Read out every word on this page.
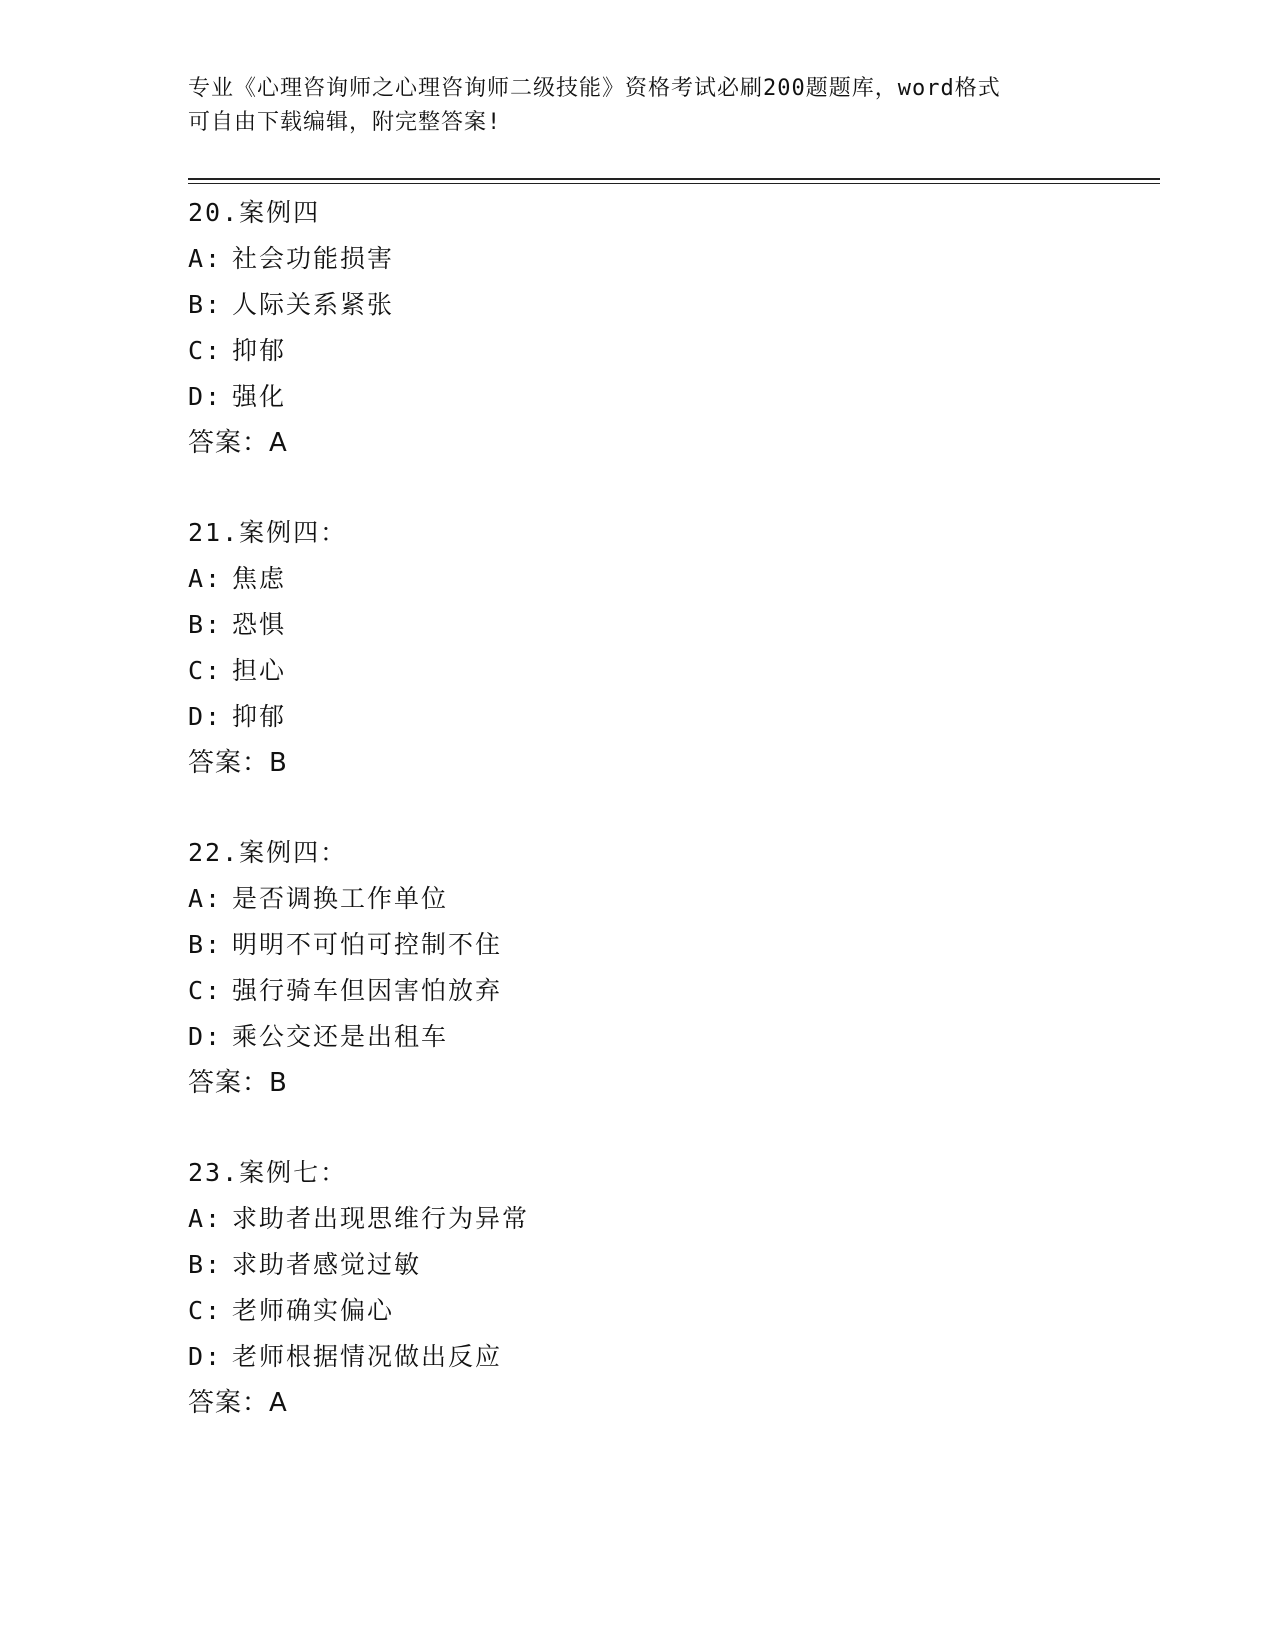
专业《心理咨询师之心理咨询师二级技能》资格考试必刷200题题库，word格式
可自由下载编辑，附完整答案!
20.案例四
A: 社会功能损害
B: 人际关系紧张
C: 抑郁
D: 强化
答案：A
21.案例四：
A: 焦虑
B: 恐惧
C: 担心
D: 抑郁
答案：B
22.案例四：
A: 是否调换工作单位
B: 明明不可怕可控制不住
C: 强行骑车但因害怕放弃
D: 乘公交还是出租车
答案：B
23.案例七：
A: 求助者出现思维行为异常
B: 求助者感觉过敏
C: 老师确实偏心
D: 老师根据情况做出反应
答案：A
